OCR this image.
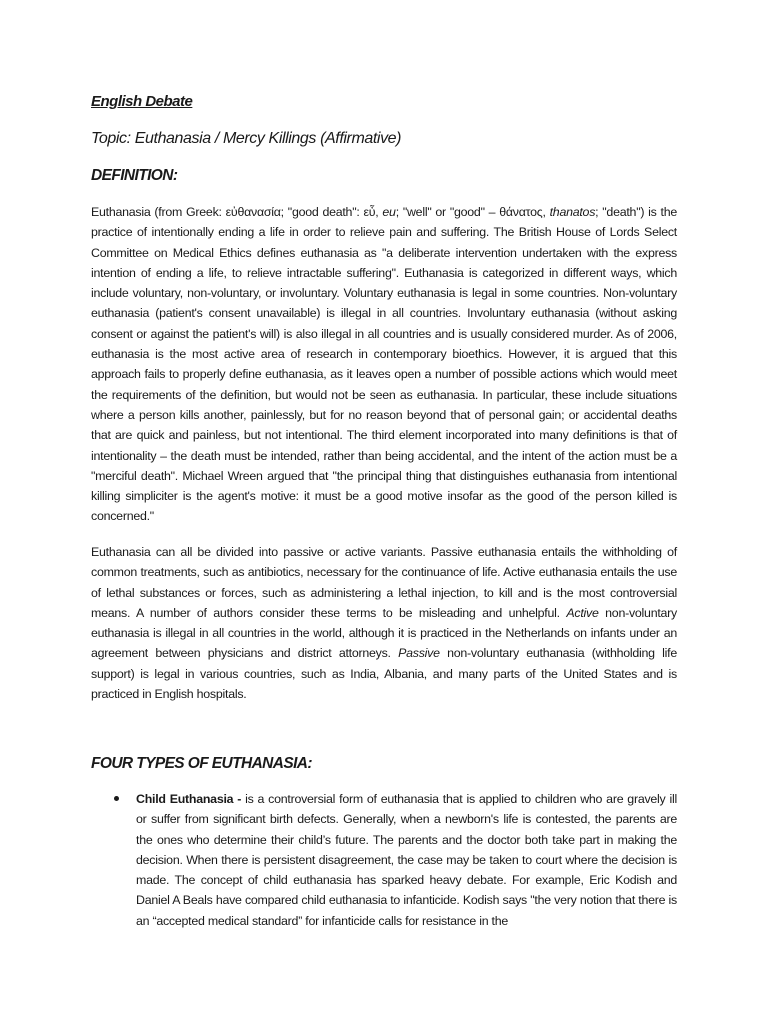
English Debate
Topic: Euthanasia / Mercy Killings (Affirmative)
DEFINITION:

Euthanasia (from Greek: εὐθανασία; "good death": εὖ, eu; "well" or "good" – θάνατος, thanatos; "death") is the practice of intentionally ending a life in order to relieve pain and suffering. The British House of Lords Select Committee on Medical Ethics defines euthanasia as "a deliberate intervention undertaken with the express intention of ending a life, to relieve intractable suffering". Euthanasia is categorized in different ways, which include voluntary, non-voluntary, or involuntary. Voluntary euthanasia is legal in some countries. Non-voluntary euthanasia (patient's consent unavailable) is illegal in all countries. Involuntary euthanasia (without asking consent or against the patient's will) is also illegal in all countries and is usually considered murder. As of 2006, euthanasia is the most active area of research in contemporary bioethics. However, it is argued that this approach fails to properly define euthanasia, as it leaves open a number of possible actions which would meet the requirements of the definition, but would not be seen as euthanasia. In particular, these include situations where a person kills another, painlessly, but for no reason beyond that of personal gain; or accidental deaths that are quick and painless, but not intentional. The third element incorporated into many definitions is that of intentionality – the death must be intended, rather than being accidental, and the intent of the action must be a "merciful death". Michael Wreen argued that "the principal thing that distinguishes euthanasia from intentional killing simpliciter is the agent's motive: it must be a good motive insofar as the good of the person killed is concerned."

Euthanasia can all be divided into passive or active variants. Passive euthanasia entails the withholding of common treatments, such as antibiotics, necessary for the continuance of life. Active euthanasia entails the use of lethal substances or forces, such as administering a lethal injection, to kill and is the most controversial means. A number of authors consider these terms to be misleading and unhelpful. Active non-voluntary euthanasia is illegal in all countries in the world, although it is practiced in the Netherlands on infants under an agreement between physicians and district attorneys. Passive non-voluntary euthanasia (withholding life support) is legal in various countries, such as India, Albania, and many parts of the United States and is practiced in English hospitals.

FOUR TYPES OF EUTHANASIA:

Child Euthanasia - is a controversial form of euthanasia that is applied to children who are gravely ill or suffer from significant birth defects. Generally, when a newborn's life is contested, the parents are the ones who determine their child’s future. The parents and the doctor both take part in making the decision. When there is persistent disagreement, the case may be taken to court where the decision is made. The concept of child euthanasia has sparked heavy debate. For example, Eric Kodish and Daniel A Beals have compared child euthanasia to infanticide. Kodish says "the very notion that there is an “accepted medical standard” for infanticide calls for resistance in the
